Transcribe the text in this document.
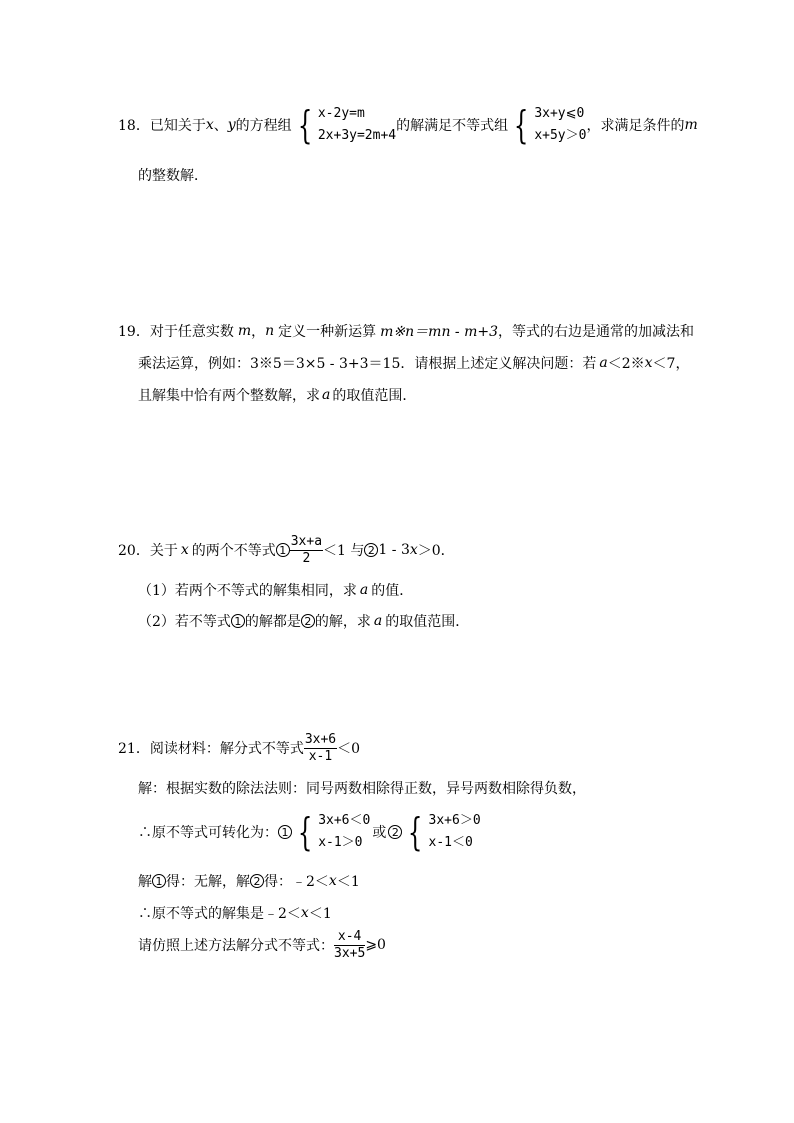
18． 已知关于 x 、 y 的方程组 { x-2y=m
2x+3y=2m+4
的解满足不等式组 { 3x+y⩽0
x+5y＞0
，求满足条件的 m
的整数解．
19． 对于任意实数 m ， n 定义一种新运算 m※n＝mn - m+3 ，等式的右边是通常的加减法和
乘法运算，例如：3※5＝3×5 - 3+3＝15．请根据上述定义解决问题：若 a ＜2※ x ＜7，
且解集中恰有两个整数解，求 a 的取值范围．
20． 关于 x 的两个不等式 $1 \frac{3x+a}{2} <1$ 与 2 1 - 3 x ＞0．
（1）若两个不等式的解集相同，求 a 的值．
（2）若不等式 1 的解都是 2 的解，求 a 的取值范围．
21． 阅读材料：解分式不等式 $\frac{3x+6}{x-1} <0$
解：根据实数的除法法则：同号两数相除得正数，异号两数相除得负数，
∴原不等式可转化为： 1 { 3x+6＜0
x-1＞0
或 2 { 3x+6＞0
x-1＜0
解 1 得：无解，解 2 得：﹣2＜ x ＜1
∴原不等式的解集是﹣2＜ x ＜1
请仿照上述方法解分式不等式： $\frac{x-4}{3x+5}$ ⩾0
